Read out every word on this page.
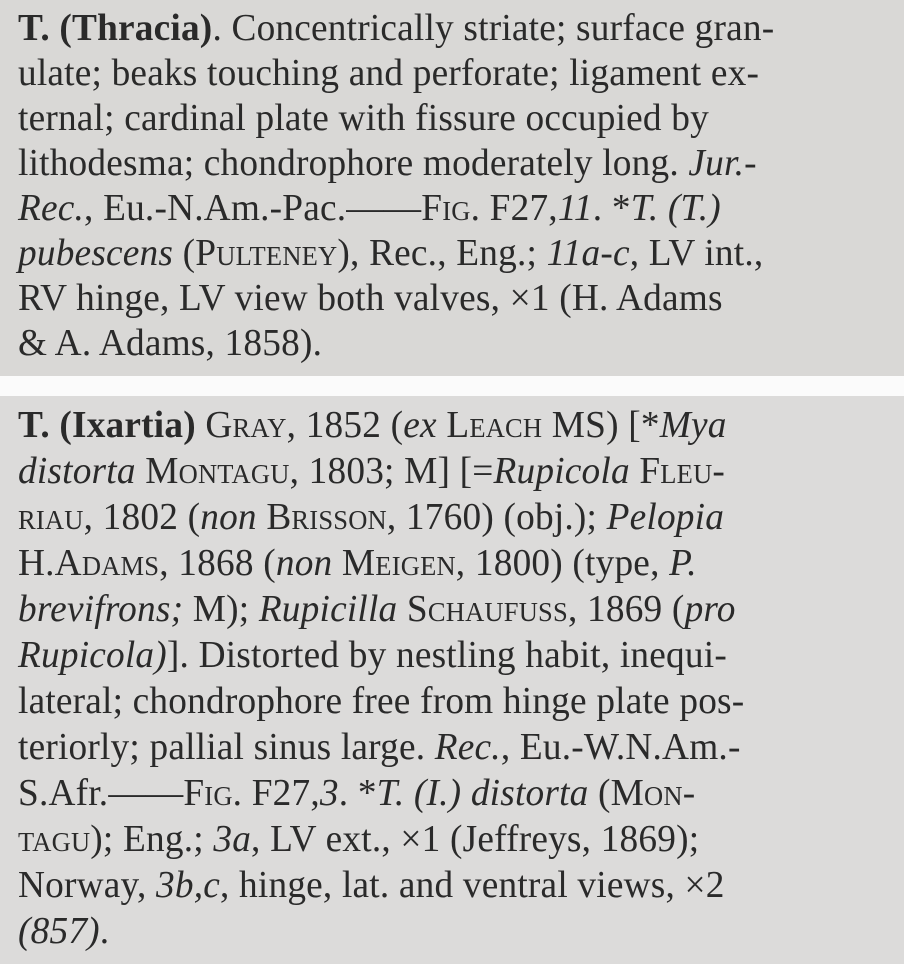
T. (Thracia). Concentrically striate; surface gran-
ulate; beaks touching and perforate; ligament ex-
ternal; cardinal plate with fissure occupied by
lithodesma; chondrophore moderately long. Jur.-
Rec., Eu.-N.Am.-Pac.——Fig. F27,11. *T. (T.)
pubescens (Pulteney), Rec., Eng.; 11a-c, LV int.,
RV hinge, LV view both valves, ×1 (H. Adams
& A. Adams, 1858).
T. (Ixartia) Gray, 1852 (ex Leach MS) [*Mya
distorta Montagu, 1803; M] [=Rupicola Fleu-
riau, 1802 (non Brisson, 1760) (obj.); Pelopia
H.Adams, 1868 (non Meigen, 1800) (type, P.
brevifrons; M); Rupicilla Schaufuss, 1869 (pro
Rupicola)]. Distorted by nestling habit, inequi-
lateral; chondrophore free from hinge plate pos-
teriorly; pallial sinus large. Rec., Eu.-W.N.Am.-
S.Afr.——Fig. F27,3. *T. (I.) distorta (Mon-
tagu); Eng.; 3a, LV ext., ×1 (Jeffreys, 1869);
Norway, 3b,c, hinge, lat. and ventral views, ×2
(857).
